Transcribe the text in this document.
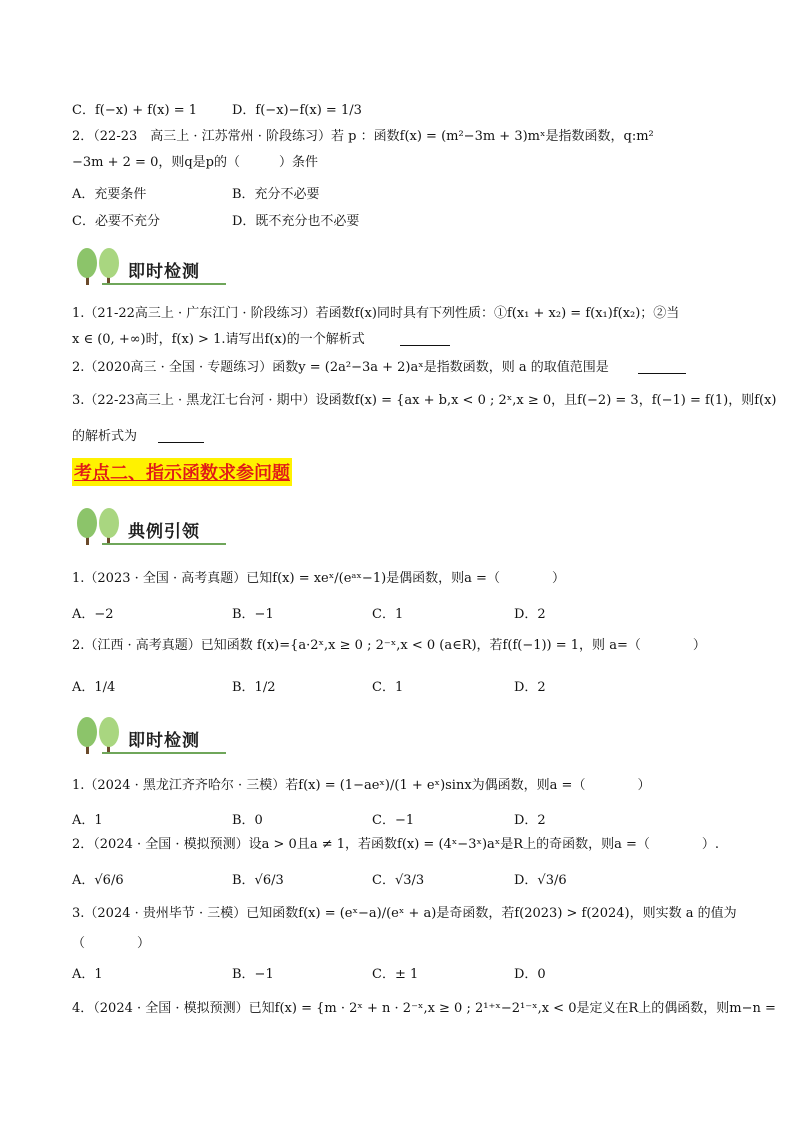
C．f(−x) + f(x) = 1	D．f(−x)−f(x) = 1/3
2．（22-23　高三上 · 江苏常州 · 阶段练习）若 p ：函数f(x) = (m²−3m + 3)mˣ是指数函数，q:m²
−3m + 2 = 0，则q是p的（　　　）条件
A．充要条件	B．充分不必要
C．必要不充分	D．既不充分也不必要
即时检测
1.（21-22高三上 · 广东江门 · 阶段练习）若函数f(x)同时具有下列性质：①f(x₁ + x₂) = f(x₁)f(x₂)；②当
x ∈ (0, +∞)时，f(x) > 1.请写出f(x)的一个解析式
2.（2020高三 · 全国 · 专题练习）函数y = (2a²−3a + 2)aˣ是指数函数，则 a 的取值范围是
3.（22-23高三上 · 黑龙江七台河 · 期中）设函数f(x) = {ax + b,x < 0 ; 2ˣ,x ≥ 0，且f(−2) = 3，f(−1) = f(1)，则f(x)
的解析式为
考点二、指示函数求参问题
典例引领
1.（2023 · 全国 · 高考真题）已知f(x) = xeˣ/(eᵃˣ−1)是偶函数，则a =（　　　　）
A．−2	B．−1	C．1	D．2
2.（江西 · 高考真题）已知函数 f(x)={a·2ˣ,x ≥ 0 ; 2⁻ˣ,x < 0 (a∈R)，若f(f(−1)) = 1，则 a=（　　　　）
A．1/4	B．1/2	C．1	D．2
即时检测
1.（2024 · 黑龙江齐齐哈尔 · 三模）若f(x) = (1−aeˣ)/(1 + eˣ)sinx为偶函数，则a =（　　　　）
A．1	B．0	C．−1	D．2
2．（2024 · 全国 · 模拟预测）设a > 0且a ≠ 1，若函数f(x) = (4ˣ−3ˣ)aˣ是R上的奇函数，则a =（　　　　）.
A．√6/6	B．√6/3	C．√3/3	D．√3/6
3.（2024 · 贵州毕节 · 三模）已知函数f(x) = (eˣ−a)/(eˣ + a)是奇函数，若f(2023) > f(2024)，则实数 a 的值为
（　　　　）
A．1	B．−1	C．± 1	D．0
4．（2024 · 全国 · 模拟预测）已知f(x) = {m · 2ˣ + n · 2⁻ˣ,x ≥ 0 ; 2¹⁺ˣ−2¹⁻ˣ,x < 0是定义在R上的偶函数，则m−n =
